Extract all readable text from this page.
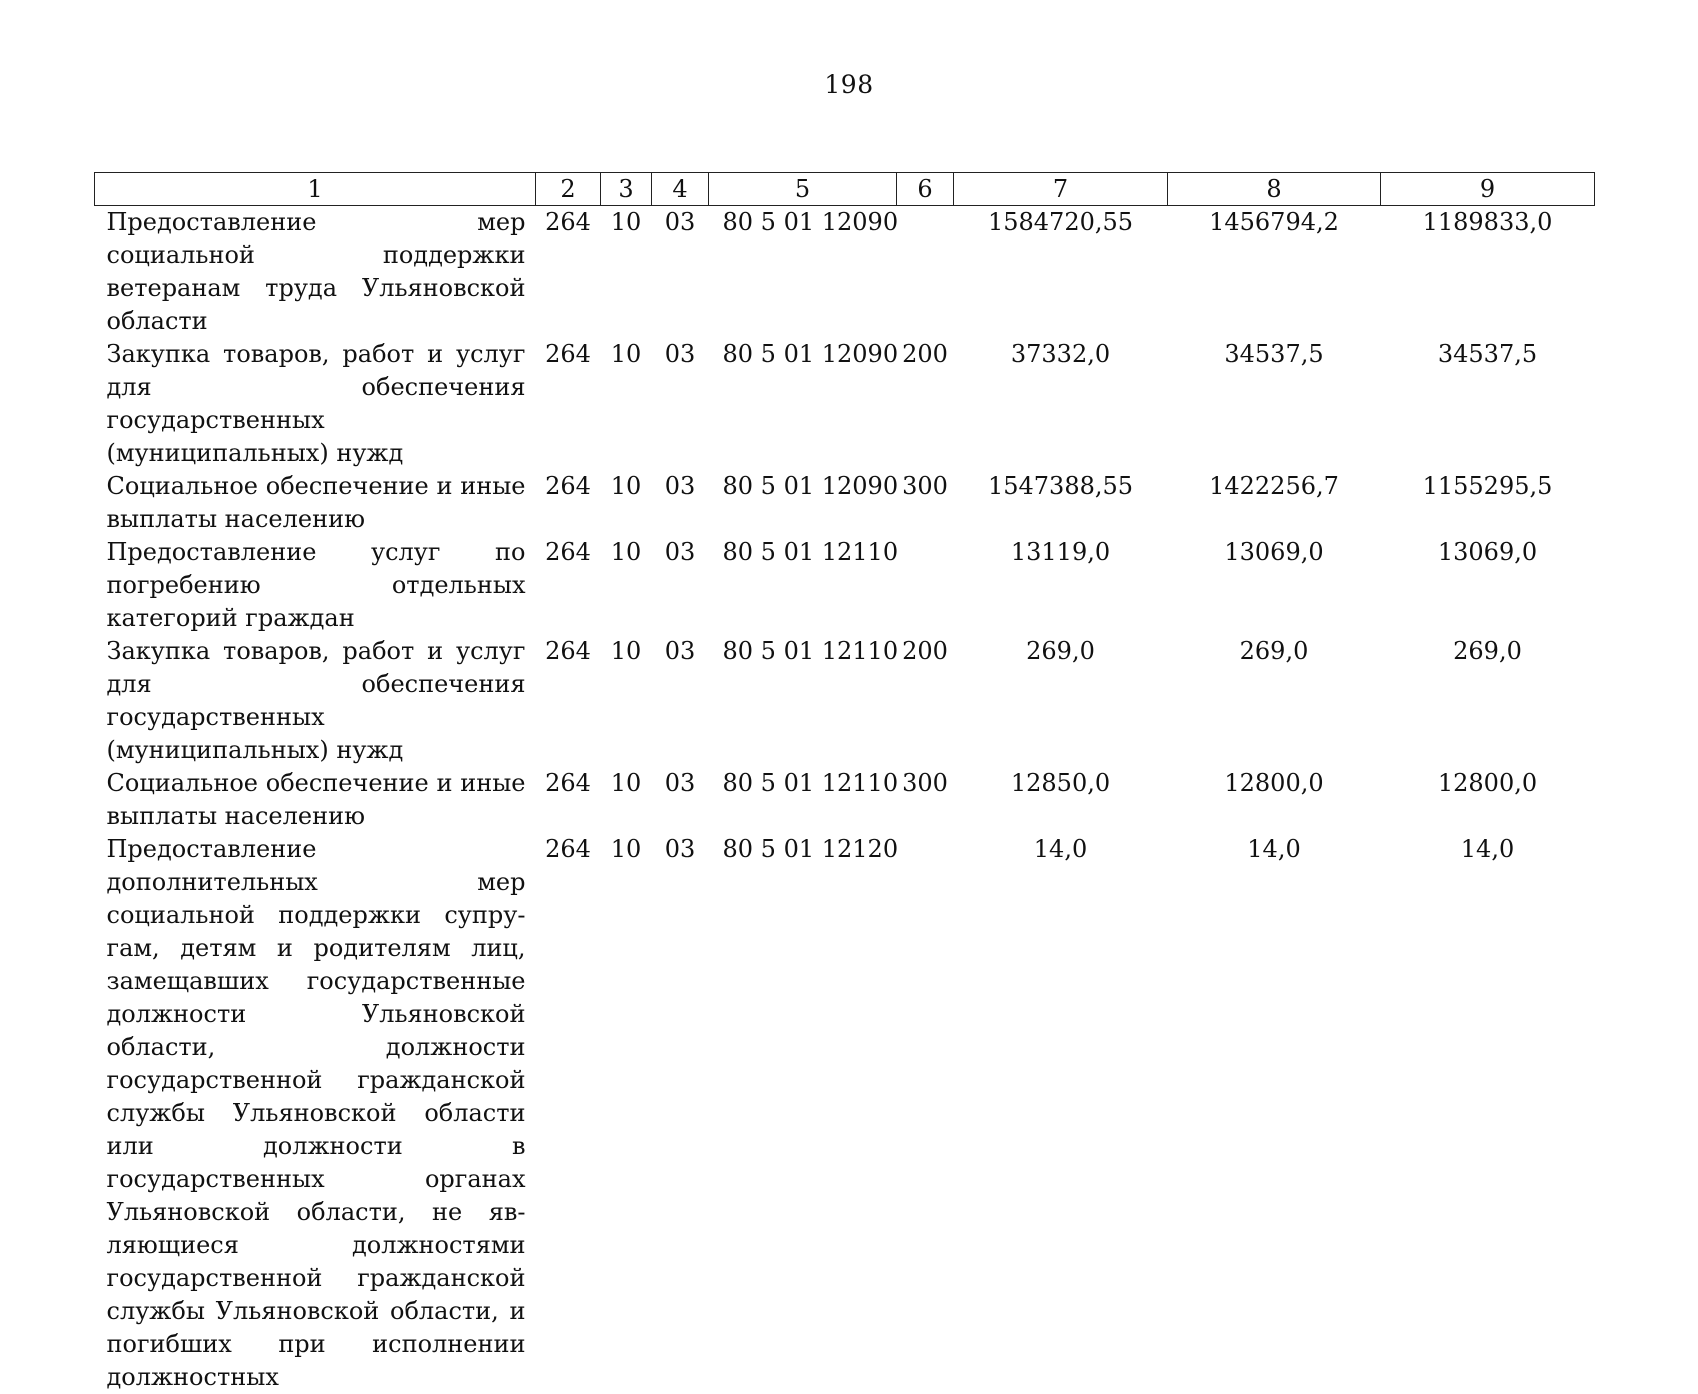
198
1	2	3	4	5	6	7	8	9
Предоставление мер социальной поддержки ветеранам труда Ульяновской области	264	10	03	80 5 01 12090		1584720,55	1456794,2	1189833,0
Закупка товаров, работ и услуг для обеспечения государственных (муниципальных) нужд	264	10	03	80 5 01 12090	200	37332,0	34537,5	34537,5
Социальное обеспечение и иные выплаты населению	264	10	03	80 5 01 12090	300	1547388,55	1422256,7	1155295,5
Предоставление услуг по погребению отдельных категорий граждан	264	10	03	80 5 01 12110		13119,0	13069,0	13069,0
Закупка товаров, работ и услуг для обеспечения государственных (муниципальных) нужд	264	10	03	80 5 01 12110	200	269,0	269,0	269,0
Социальное обеспечение и иные выплаты населению	264	10	03	80 5 01 12110	300	12850,0	12800,0	12800,0
Предоставление дополнительных мер социальной поддержки супругам, детям и родителям лиц, замещавших государственные должности Ульяновской области, должности государственной гражданской службы Ульяновской области или должности в государственных органах Ульяновской области, не являющиеся должностями государственной гражданской службы Ульяновской области, и погибших при исполнении должностных	264	10	03	80 5 01 12120		14,0	14,0	14,0
